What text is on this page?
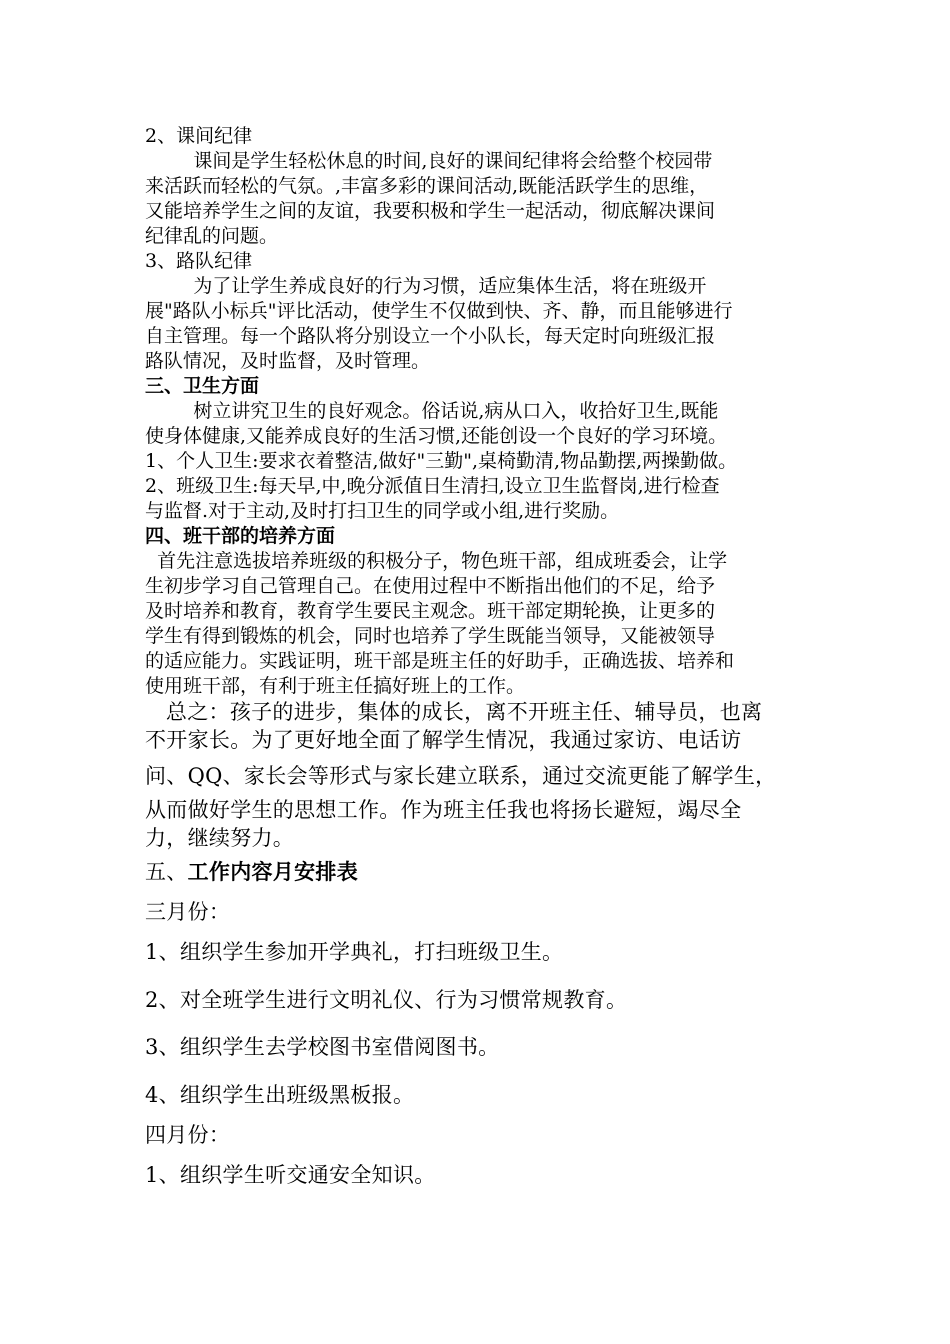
2、课间纪律
课间是学生轻松休息的时间,良好的课间纪律将会给整个校园带
来活跃而轻松的气氛。,丰富多彩的课间活动,既能活跃学生的思维，
又能培养学生之间的友谊，我要积极和学生一起活动，彻底解决课间
纪律乱的问题。
3、路队纪律
为了让学生养成良好的行为习惯，适应集体生活，将在班级开
展"路队小标兵"评比活动，使学生不仅做到快、齐、静，而且能够进行
自主管理。每一个路队将分别设立一个小队长，每天定时向班级汇报
路队情况，及时监督，及时管理。
三、卫生方面
树立讲究卫生的良好观念。俗话说,病从口入，收拾好卫生,既能
使身体健康,又能养成良好的生活习惯,还能创设一个良好的学习环境。
1、个人卫生:要求衣着整洁,做好"三勤",桌椅勤清,物品勤摆,两操勤做。
2、班级卫生:每天早,中,晚分派值日生清扫,设立卫生监督岗,进行检查
与监督.对于主动,及时打扫卫生的同学或小组,进行奖励。
四、班干部的培养方面
首先注意选拔培养班级的积极分子，物色班干部，组成班委会，让学
生初步学习自己管理自己。在使用过程中不断指出他们的不足，给予
及时培养和教育，教育学生要民主观念。班干部定期轮换，让更多的
学生有得到锻炼的机会，同时也培养了学生既能当领导，又能被领导
的适应能力。实践证明，班干部是班主任的好助手，正确选拔、培养和
使用班干部，有利于班主任搞好班上的工作。
总之：孩子的进步，集体的成长，离不开班主任、辅导员，也离
不开家长。为了更好地全面了解学生情况，我通过家访、电话访
问、QQ、家长会等形式与家长建立联系，通过交流更能了解学生，
从而做好学生的思想工作。作为班主任我也将扬长避短，竭尽全
力，继续努力。
五、工作内容月安排表
三月份：
1、组织学生参加开学典礼，打扫班级卫生。
2、对全班学生进行文明礼仪、行为习惯常规教育。
3、组织学生去学校图书室借阅图书。
4、组织学生出班级黑板报。
四月份：
1、组织学生听交通安全知识。
